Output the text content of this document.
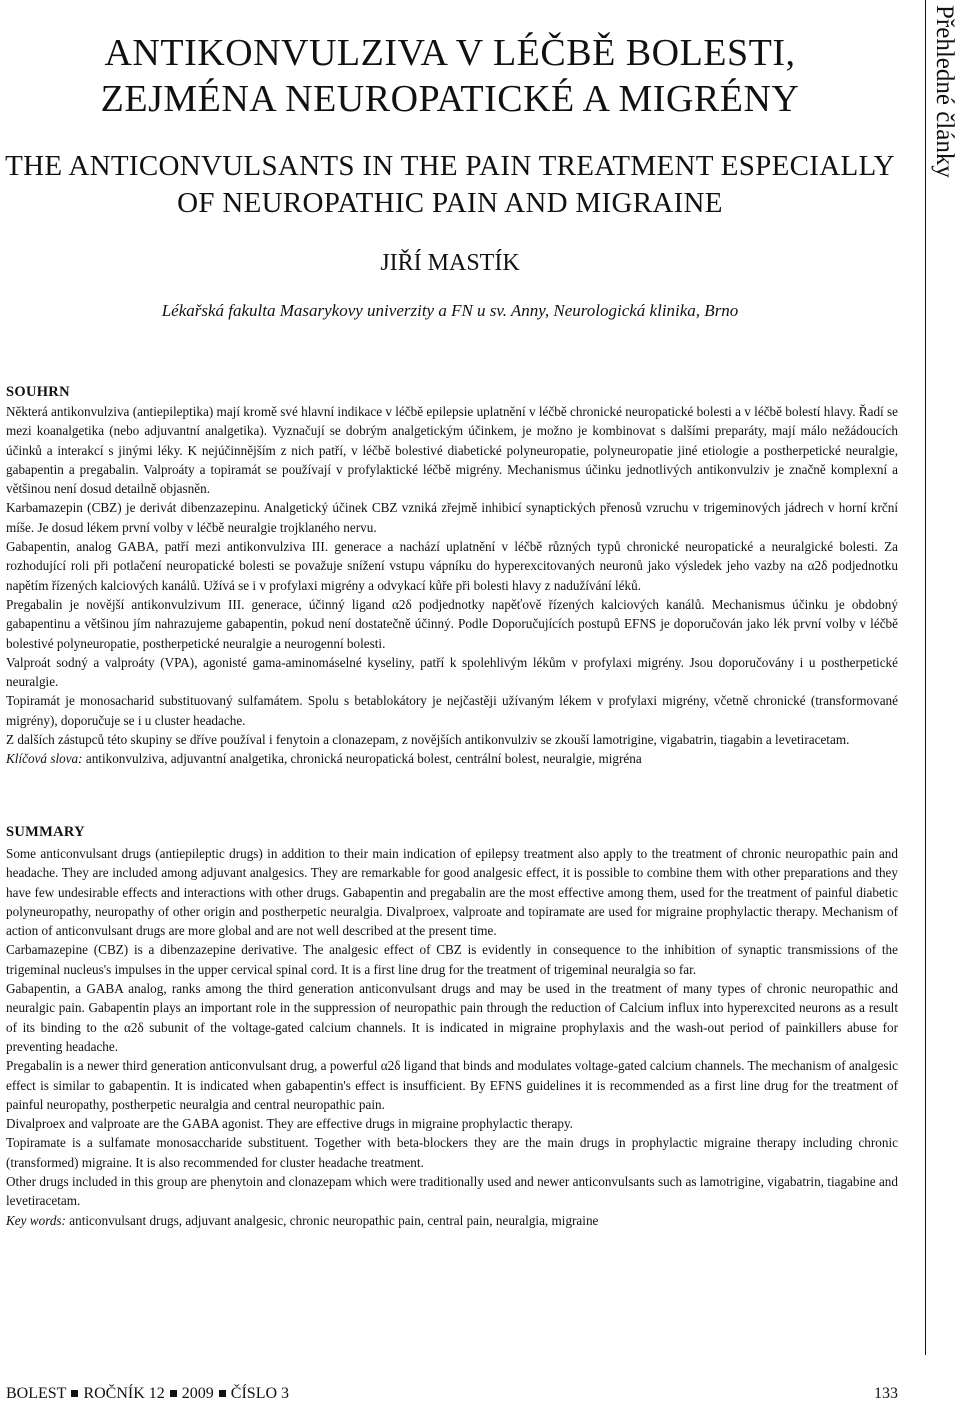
ANTIKONVULZIVA V LÉČBĚ BOLESTI,
ZEJMÉNA NEUROPATICKÉ A MIGRÉNY
THE ANTICONVULSANTS IN THE PAIN TREATMENT ESPECIALLY
OF NEUROPATHIC PAIN AND MIGRAINE
JIŘÍ MASTÍK
Lékařská fakulta Masarykovy univerzity a FN u sv. Anny, Neurologická klinika, Brno
Přehledné články
SOUHRN

Některá antikonvulziva (antiepileptika) mají kromě své hlavní indikace v léčbě epilepsie uplatnění v léčbě chronické neuropatické bolesti a v léčbě bolestí hlavy. Řadí se mezi koanalgetika (nebo adjuvantní analgetika). Vyznačují se dobrým analgetickým účinkem, je možno je kombinovat s dalšími preparáty, mají málo nežádoucích účinků a interakcí s jinými léky. K nejúčinnějším z nich patří, v léčbě bolestivé diabetické polyneuropatie, polyneuropatie jiné etiologie a postherpetické neuralgie, gabapentin a pregabalin. Valproáty a topiramát se používají v profylaktické léčbě migrény. Mechanismus účinku jednotlivých antikonvulziv je značně komplexní a většinou není dosud detailně objasněn.

Karbamazepin (CBZ) je derivát dibenzazepinu. Analgetický účinek CBZ vzniká zřejmě inhibicí synaptických přenosů vzruchu v trigeminových jádrech v horní krční míše. Je dosud lékem první volby v léčbě neuralgie trojklaného nervu.

Gabapentin, analog GABA, patří mezi antikonvulziva III. generace a nachází uplatnění v léčbě různých typů chronické neuropatické a neuralgické bolesti. Za rozhodující roli při potlačení neuropatické bolesti se považuje snížení vstupu vápníku do hyperexcitovaných neuronů jako výsledek jeho vazby na α2δ podjednotku napětím řízených kalciových kanálů. Užívá se i v profylaxi migrény a odvykací kůře při bolesti hlavy z nadužívání léků.

Pregabalin je novější antikonvulzivum III. generace, účinný ligand α2δ podjednotky napěťově řízených kalciových kanálů. Mechanismus účinku je obdobný gabapentinu a většinou jím nahrazujeme gabapentin, pokud není dostatečně účinný. Podle Doporučujících postupů EFNS je doporučován jako lék první volby v léčbě bolestivé polyneuropatie, postherpetické neuralgie a neurogenní bolesti.

Valproát sodný a valproáty (VPA), agonisté gama-aminomáselné kyseliny, patří k spolehlivým lékům v profylaxi migrény. Jsou doporučovány i u postherpetické neuralgie.

Topiramát je monosacharid substituovaný sulfamátem. Spolu s betablokátory je nejčastěji užívaným lékem v profylaxi migrény, včetně chronické (transformované migrény), doporučuje se i u cluster headache.

Z dalších zástupců této skupiny se dříve používal i fenytoin a clonazepam, z novějších antikonvulziv se zkouší lamotrigine, vigabatrin, tiagabin a levetiracetam.

Klíčová slova: antikonvulziva, adjuvantní analgetika, chronická neuropatická bolest, centrální bolest, neuralgie, migréna

SUMMARY

Some anticonvulsant drugs (antiepileptic drugs) in addition to their main indication of epilepsy treatment also apply to the treatment of chronic neuropathic pain and headache. They are included among adjuvant analgesics. They are remarkable for good analgesic effect, it is possible to combine them with other preparations and they have few undesirable effects and interactions with other drugs. Gabapentin and pregabalin are the most effective among them, used for the treatment of painful diabetic polyneuropathy, neuropathy of other origin and postherpetic neuralgia. Divalproex, valproate and topiramate are used for migraine prophylactic therapy. Mechanism of action of anticonvulsant drugs are more global and are not well described at the present time.

Carbamazepine (CBZ) is a dibenzazepine derivative. The analgesic effect of CBZ is evidently in consequence to the inhibition of synaptic transmissions of the trigeminal nucleus's impulses in the upper cervical spinal cord. It is a first line drug for the treatment of trigeminal neuralgia so far.

Gabapentin, a GABA analog, ranks among the third generation anticonvulsant drugs and may be used in the treatment of many types of chronic neuropathic and neuralgic pain. Gabapentin plays an important role in the suppression of neuropathic pain through the reduction of Calcium influx into hyperexcited neurons as a result of its binding to the α2δ subunit of the voltage-gated calcium channels. It is indicated in migraine prophylaxis and the wash-out period of painkillers abuse for preventing headache.

Pregabalin is a newer third generation anticonvulsant drug, a powerful α2δ ligand that binds and modulates voltage-gated calcium channels. The mechanism of analgesic effect is similar to gabapentin. It is indicated when gabapentin's effect is insufficient. By EFNS guidelines it is recommended as a first line drug for the treatment of painful neuropathy, postherpetic neuralgia and central neuropathic pain.

Divalproex and valproate are the GABA agonist. They are effective drugs in migraine prophylactic therapy.

Topiramate is a sulfamate monosaccharide substituent. Together with beta-blockers they are the main drugs in prophylactic migraine therapy including chronic (transformed) migraine. It is also recommended for cluster headache treatment.

Other drugs included in this group are phenytoin and clonazepam which were traditionally used and newer anticonvulsants such as lamotrigine, vigabatrin, tiagabine and levetiracetam.

Key words: anticonvulsant drugs, adjuvant analgesic, chronic neuropathic pain, central pain, neuralgia, migraine

BOLEST ROČNÍK 12 2009 ČÍSLO 3	133
